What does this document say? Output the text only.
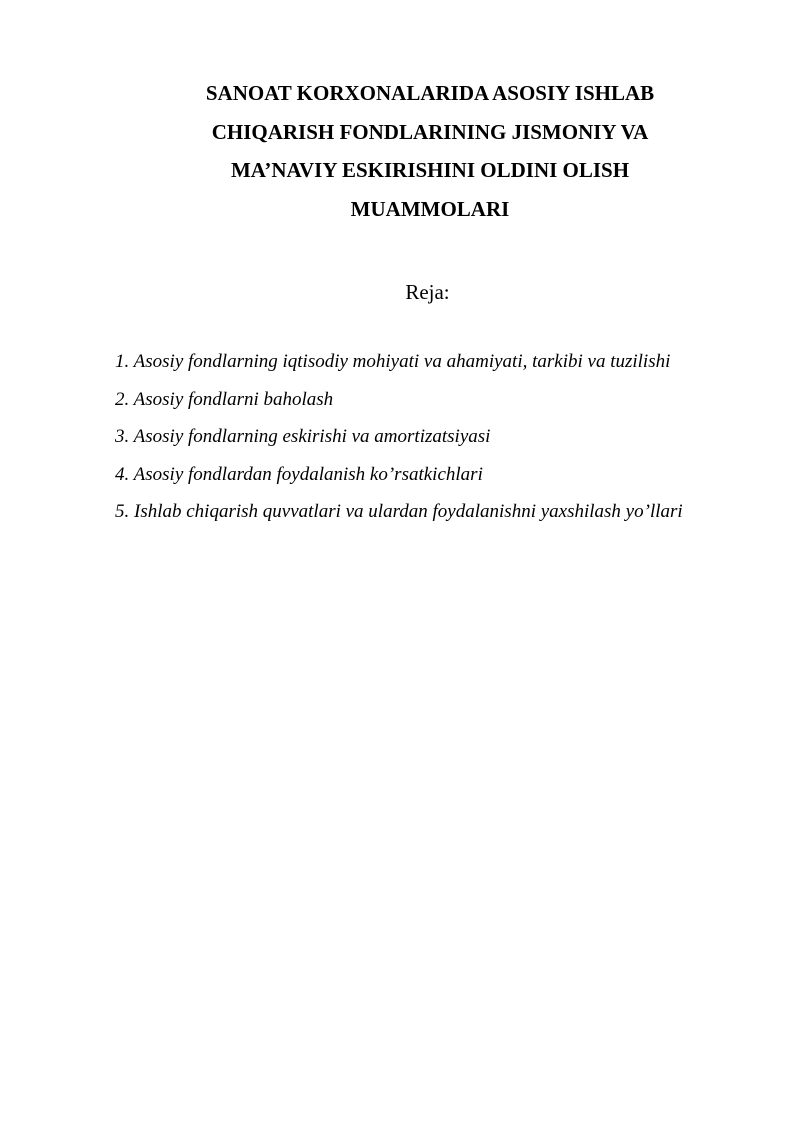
SANOAT KORXONALARIDA ASOSIY ISHLAB
CHIQARISH FONDLARINING JISMONIY VA
MA’NAVIY ESKIRISHINI OLDINI OLISH
MUAMMOLARI

Reja:

1. Asosiy fondlarning iqtisodiy mohiyati va ahamiyati, tarkibi va tuzilishi
2. Asosiy fondlarni baholash
3. Asosiy fondlarning eskirishi va amortizatsiyasi
4. Asosiy fondlardan foydalanish ko’rsatkichlari
5. Ishlab chiqarish quvvatlari va ulardan foydalanishni yaxshilash yo’llari
